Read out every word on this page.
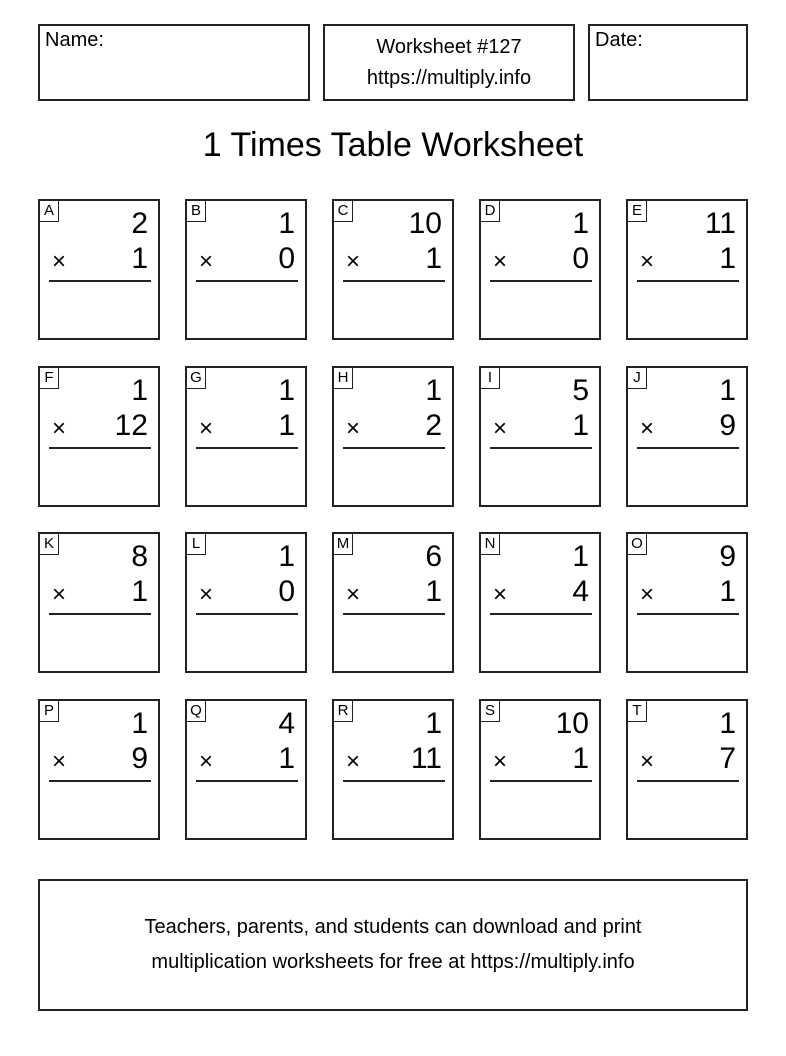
Name:	Worksheet #127
https://multiply.info
Date:
1 Times Table Worksheet
A	2
× 1
B	1
× 0
C 10
× 1
D	1
× 0
E 11
× 1
F	1
× 12
G	1
× 1
H	1
× 2
I	5
× 1
J	1
× 9
K	8
× 1
L	1
× 0
M	6
× 1
N	1
× 4
O	9
× 1
P	1
× 9
Q	4
× 1
R	1
× 11
S 10
× 1
T	1
× 7
Teachers, parents, and students can download and print
multiplication worksheets for free at https://multiply.info
